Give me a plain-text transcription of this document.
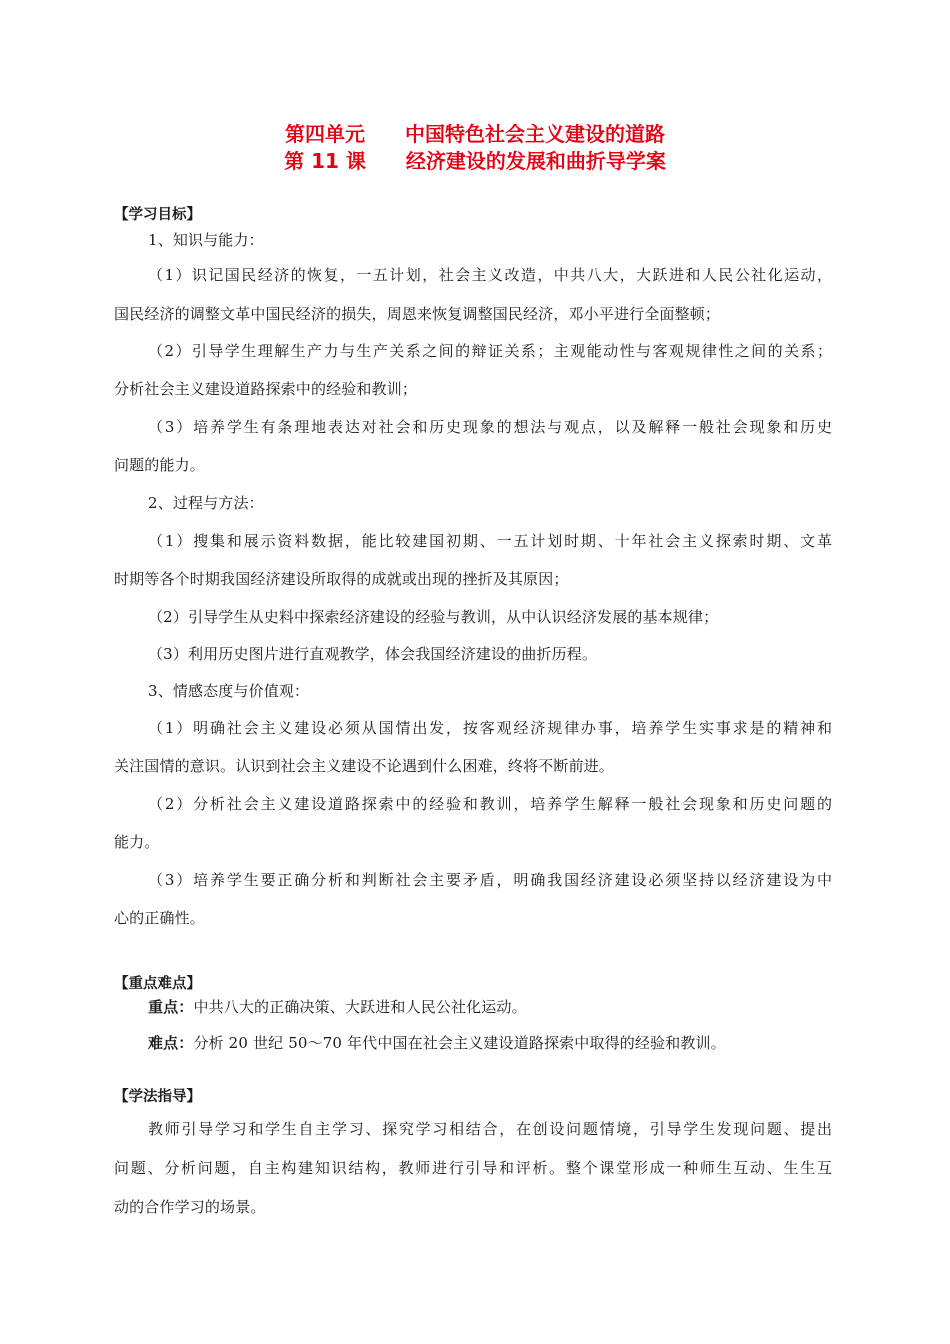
第四单元　　中国特色社会主义建设的道路
第 11 课　　经济建设的发展和曲折导学案
【学习目标】
1、知识与能力：
（1）识记国民经济的恢复，一五计划，社会主义改造，中共八大，大跃进和人民公社化运动，
国民经济的调整文革中国民经济的损失，周恩来恢复调整国民经济，邓小平进行全面整顿；
（2）引导学生理解生产力与生产关系之间的辩证关系；主观能动性与客观规律性之间的关系；
分析社会主义建设道路探索中的经验和教训；
（3）培养学生有条理地表达对社会和历史现象的想法与观点，以及解释一般社会现象和历史
问题的能力。
2、过程与方法：
（1）搜集和展示资料数据，能比较建国初期、一五计划时期、十年社会主义探索时期、文革
时期等各个时期我国经济建设所取得的成就或出现的挫折及其原因；
（2）引导学生从史料中探索经济建设的经验与教训，从中认识经济发展的基本规律；
（3）利用历史图片进行直观教学，体会我国经济建设的曲折历程。
3、情感态度与价值观：
（1）明确社会主义建设必须从国情出发，按客观经济规律办事，培养学生实事求是的精神和
关注国情的意识。认识到社会主义建设不论遇到什么困难，终将不断前进。
（2）分析社会主义建设道路探索中的经验和教训，培养学生解释一般社会现象和历史问题的
能力。
（3）培养学生要正确分析和判断社会主要矛盾，明确我国经济建设必须坚持以经济建设为中
心的正确性。
【重点难点】
重点：中共八大的正确决策、大跃进和人民公社化运动。
难点：分析 20 世纪 50～70 年代中国在社会主义建设道路探索中取得的经验和教训。
【学法指导】
教师引导学习和学生自主学习、探究学习相结合，在创设问题情境，引导学生发现问题、提出
问题、分析问题，自主构建知识结构，教师进行引导和评析。整个课堂形成一种师生互动、生生互
动的合作学习的场景。
